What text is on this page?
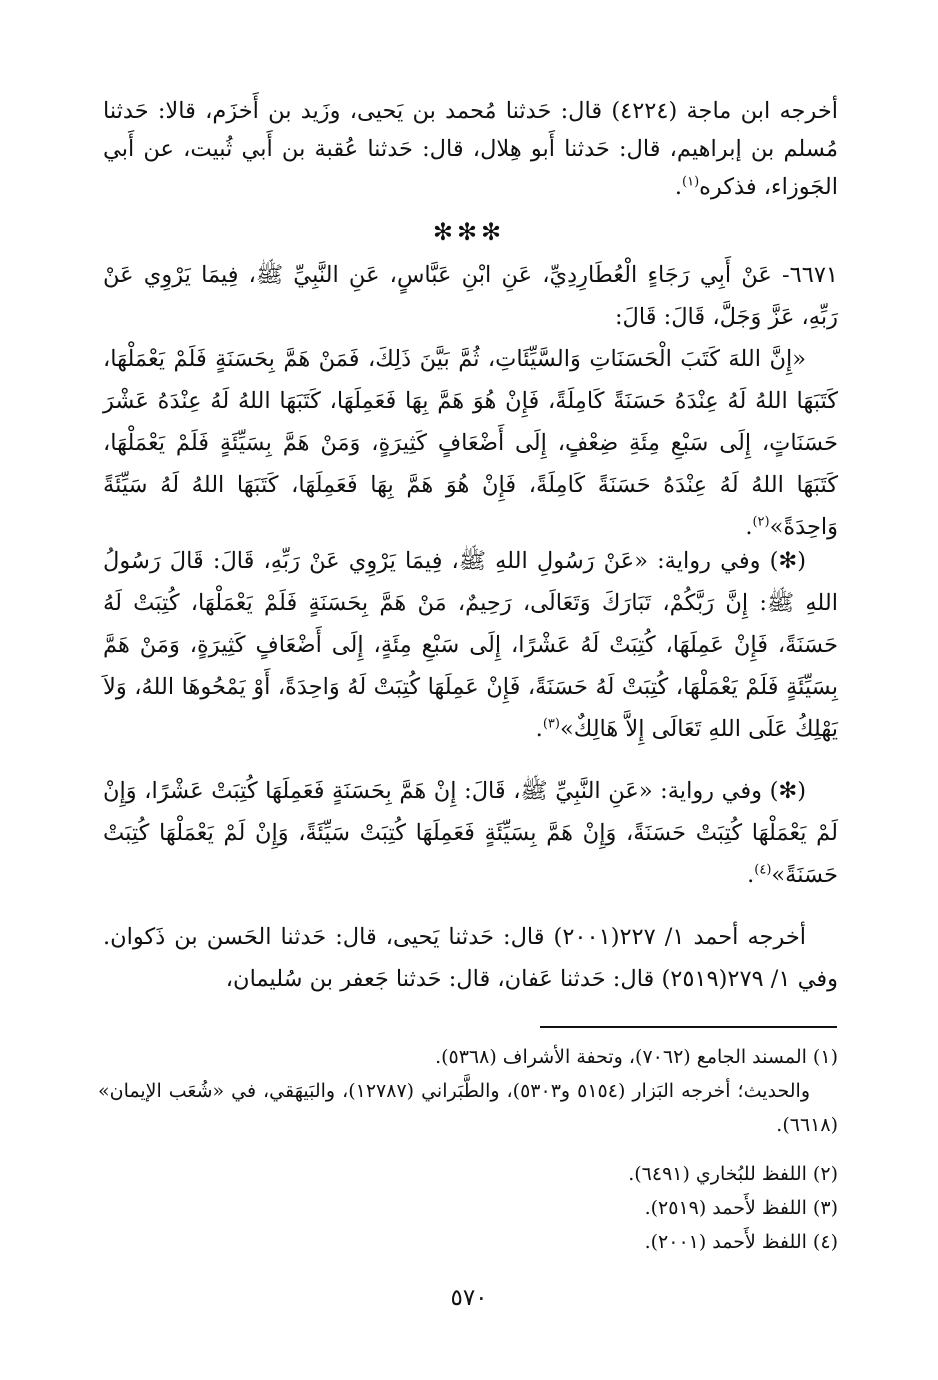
أخرجه ابن ماجة (٤٢٢٤) قال: حَدثنا مُحمد بن يَحيى، وزَيد بن أَخزَم، قالا: حَدثنا مُسلم بن إبراهيم، قال: حَدثنا أَبو هِلال، قال: حَدثنا عُقبة بن أَبي ثُبيت، عن أَبي الجَوزاء، فذكره$^{(١)}$.

✻✻✻

٦٦٧١- عَنْ أَبِي رَجَاءٍ الْعُطَارِدِيِّ، عَنِ ابْنِ عَبَّاسٍ، عَنِ النَّبِيِّ ﷺ، فِيمَا يَرْوِي عَنْ رَبِّهِ، عَزَّ وَجَلَّ، قَالَ: قَالَ:

«إِنَّ اللهَ كَتَبَ الْحَسَنَاتِ وَالسَّيِّئَاتِ، ثُمَّ بَيَّنَ ذَلِكَ، فَمَنْ هَمَّ بِحَسَنَةٍ فَلَمْ يَعْمَلْهَا، كَتَبَهَا اللهُ لَهُ عِنْدَهُ حَسَنَةً كَامِلَةً، فَإِنْ هُوَ هَمَّ بِهَا فَعَمِلَهَا، كَتَبَهَا اللهُ لَهُ عِنْدَهُ عَشْرَ حَسَنَاتٍ، إِلَى سَبْعِ مِئَةِ ضِعْفٍ، إِلَى أَضْعَافٍ كَثِيرَةٍ، وَمَنْ هَمَّ بِسَيِّئَةٍ فَلَمْ يَعْمَلْهَا، كَتَبَهَا اللهُ لَهُ عِنْدَهُ حَسَنَةً كَامِلَةً، فَإِنْ هُوَ هَمَّ بِهَا فَعَمِلَهَا، كَتَبَهَا اللهُ لَهُ سَيِّئَةً وَاحِدَةً»$^{(٢)}$.

(✻) وفي رواية: «عَنْ رَسُولِ اللهِ ﷺ، فِيمَا يَرْوِي عَنْ رَبِّهِ، قَالَ: قَالَ رَسُولُ اللهِ ﷺ: إِنَّ رَبَّكُمْ، تَبَارَكَ وَتَعَالَى، رَحِيمٌ، مَنْ هَمَّ بِحَسَنَةٍ فَلَمْ يَعْمَلْهَا، كُتِبَتْ لَهُ حَسَنَةً، فَإِنْ عَمِلَهَا، كُتِبَتْ لَهُ عَشْرًا، إِلَى سَبْعِ مِئَةٍ، إِلَى أَضْعَافٍ كَثِيرَةٍ، وَمَنْ هَمَّ بِسَيِّئَةٍ فَلَمْ يَعْمَلْهَا، كُتِبَتْ لَهُ حَسَنَةً، فَإِنْ عَمِلَهَا كُتِبَتْ لَهُ وَاحِدَةً، أَوْ يَمْحُوهَا اللهُ، وَلاَ يَهْلِكُ عَلَى اللهِ تَعَالَى إِلاَّ هَالِكٌ»$^{(٣)}$.

(✻) وفي رواية: «عَنِ النَّبِيِّ ﷺ، قَالَ: إِنْ هَمَّ بِحَسَنَةٍ فَعَمِلَهَا كُتِبَتْ عَشْرًا، وَإِنْ لَمْ يَعْمَلْهَا كُتِبَتْ حَسَنَةً، وَإِنْ هَمَّ بِسَيِّئَةٍ فَعَمِلَهَا كُتِبَتْ سَيِّئَةً، وَإِنْ لَمْ يَعْمَلْهَا كُتِبَتْ حَسَنَةً»$^{(٤)}$.

أخرجه أحمد ١/ ٢٢٧(٢٠٠١) قال: حَدثنا يَحيى، قال: حَدثنا الحَسن بن ذَكوان. وفي ١/ ٢٧٩(٢٥١٩) قال: حَدثنا عَفان، قال: حَدثنا جَعفر بن سُليمان،

(١) المسند الجامع (٧٠٦٢)، وتحفة الأشراف (٥٣٦٨).
والحديث؛ أخرجه البَزار (٥١٥٤ و٥٣٠٣)، والطَّبَراني (١٢٧٨٧)، والبَيهَقي، في «شُعَب الإيمان» (٦٦١٨).
(٢) اللفظ للبُخاري (٦٤٩١).
(٣) اللفظ لأَحمد (٢٥١٩).
(٤) اللفظ لأَحمد (٢٠٠١).
٥٧٠
